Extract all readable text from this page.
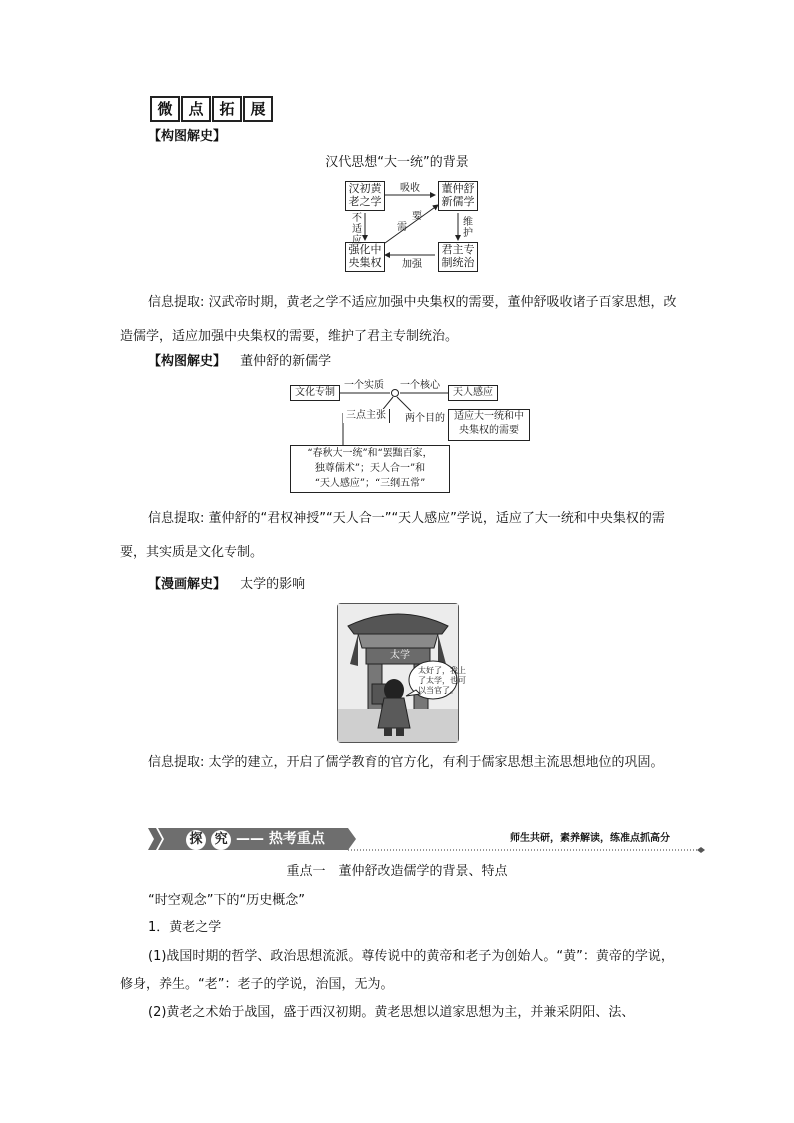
微 点 拓 展
【构图解史】
汉代思想“大一统”的背景
汉初黄
老之学
董仲舒
新儒学
强化中
央集权
君主专
制统治
吸收
不
适
应
需
要
维
护
加强
信息提取: 汉武帝时期，黄老之学不适应加强中央集权的需要，董仲舒吸收诸子百家思想，改造儒学，适应加强中央集权的需要，维护了君主专制统治。
【构图解史】 董仲舒的新儒学
文化专制
一个实质 一个核心
天人感应
三点主张	两个目的 适应大一统和中
央集权的需要
“春秋大一统”和“罢黜百家，
独尊儒术”；天人合一”和
“天人感应”；“三纲五常”
信息提取: 董仲舒的“君权神授”“天人合一”“天人感应”学说，适应了大一统和中央集权的需要，其实质是文化专制。
【漫画解史】 太学的影响
太学
太好了，我上
了太学，也可
以当官了。
信息提取: 太学的建立，开启了儒学教育的官方化，有利于儒家思想主流思想地位的巩固。
探 究 —— 热考重点	师生共研，素养解读，练准点抓高分
重点一　董仲舒改造儒学的背景、特点
“时空观念”下的“历史概念”
1．黄老之学
(1)战国时期的哲学、政治思想流派。尊传说中的黄帝和老子为创始人。“黄”：黄帝的学说，修身，养生。“老”：老子的学说，治国，无为。
(2)黄老之术始于战国，盛于西汉初期。黄老思想以道家思想为主，并兼采阴阳、法、
